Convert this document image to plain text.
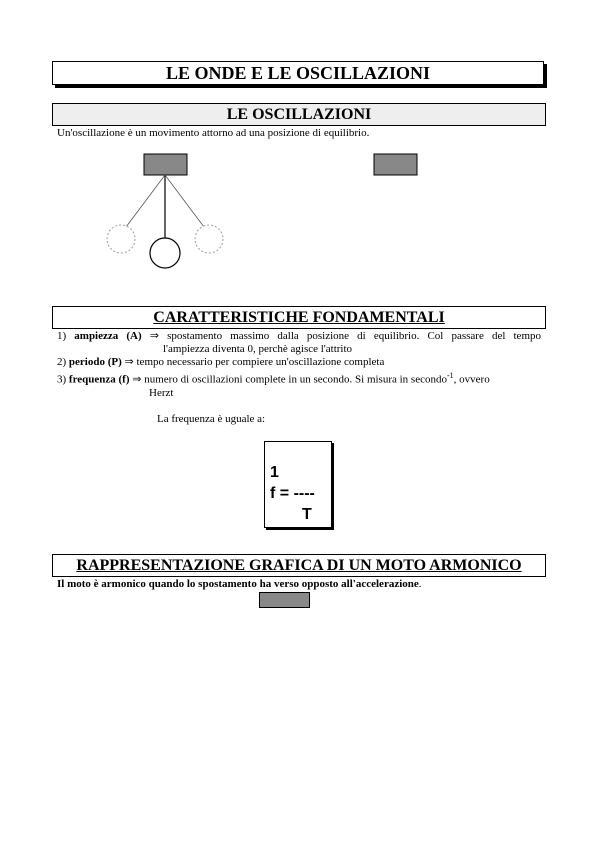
LE ONDE E LE OSCILLAZIONI
LE OSCILLAZIONI
Un'oscillazione è un movimento attorno ad una posizione di equilibrio.
CARATTERISTICHE FONDAMENTALI
1) ampiezza (A) ⇒ spostamento massimo dalla posizione di equilibrio. Col passare del tempo
l'ampiezza diventa 0, perchè agisce l'attrito
2) periodo (P) ⇒ tempo necessario per compiere un'oscillazione completa
3) frequenza (f) ⇒ numero di oscillazioni complete in un secondo. Si misura in secondo$^{-1}$, ovvero
Herzt
La frequenza è uguale a:
1
f = ----
T
RAPPRESENTAZIONE GRAFICA DI UN MOTO ARMONICO
Il moto è armonico quando lo spostamento ha verso opposto all'accelerazione.
